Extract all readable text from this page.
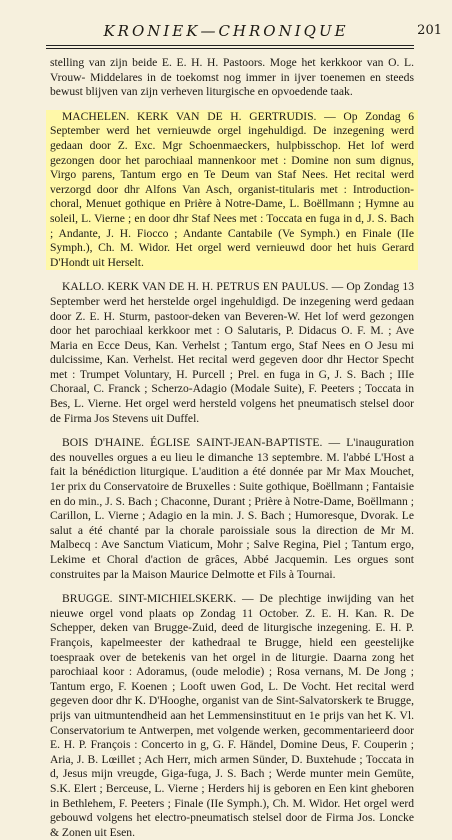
KRONIEK—CHRONIQUE	201

stelling van zijn beide E. E. H. H. Pastoors. Moge het kerkkoor van O. L. Vrouw- Middelares in de toekomst nog immer in ijver toenemen en steeds bewust blijven van zijn verheven liturgische en opvoedende taak.

MACHELEN. KERK VAN DE H. GERTRUDIS. — Op Zondag 6 September werd het vernieuwde orgel ingehuldigd. De inzegening werd gedaan door Z. Exc. Mgr Schoenmaeckers, hulpbisschop. Het lof werd gezongen door het parochiaal mannenkoor met : Domine non sum dignus, Virgo parens, Tantum ergo en Te Deum van Staf Nees. Het recital werd verzorgd door dhr Alfons Van Asch, organist-titularis met : Introduction-choral, Menuet gothique en Prière à Notre-Dame, L. Boëllmann ; Hymne au soleil, L. Vierne ; en door dhr Staf Nees met : Toccata en fuga in d, J. S. Bach ; Andante, J. H. Fiocco ; Andante Cantabile (Ve Symph.) en Finale (IIe Symph.), Ch. M. Widor. Het orgel werd vernieuwd door het huis Gerard D'Hondt uit Herselt.

KALLO. KERK VAN DE H. H. PETRUS EN PAULUS. — Op Zondag 13 September werd het herstelde orgel ingehuldigd. De inzegening werd gedaan door Z. E. H. Sturm, pastoor-deken van Beveren-W. Het lof werd gezongen door het parochiaal kerkkoor met : O Salutaris, P. Didacus O. F. M. ; Ave Maria en Ecce Deus, Kan. Verhelst ; Tantum ergo, Staf Nees en O Jesu mi dulcissime, Kan. Verhelst. Het recital werd gegeven door dhr Hector Specht met : Trumpet Voluntary, H. Purcell ; Prel. en fuga in G, J. S. Bach ; IIIe Choraal, C. Franck ; Scherzo-Adagio (Modale Suite), F. Peeters ; Toccata in Bes, L. Vierne. Het orgel werd hersteld volgens het pneumatisch stelsel door de Firma Jos Stevens uit Duffel.

BOIS D'HAINE. ÉGLISE SAINT-JEAN-BAPTISTE. — L'inauguration des nouvelles orgues a eu lieu le dimanche 13 septembre. M. l'abbé L'Host a fait la bénédiction liturgique. L'audition a été donnée par Mr Max Mouchet, 1er prix du Conservatoire de Bruxelles : Suite gothique, Boëllmann ; Fantaisie en do min., J. S. Bach ; Chaconne, Durant ; Prière à Notre-Dame, Boëllmann ; Carillon, L. Vierne ; Adagio en la min. J. S. Bach ; Humoresque, Dvorak. Le salut a été chanté par la chorale paroissiale sous la direction de Mr M. Malbecq : Ave Sanctum Viaticum, Mohr ; Salve Regina, Piel ; Tantum ergo, Lekime et Choral d'action de grâces, Abbé Jacquemin. Les orgues sont construites par la Maison Maurice Delmotte et Fils à Tournai.

BRUGGE. SINT-MICHIELSKERK. — De plechtige inwijding van het nieuwe orgel vond plaats op Zondag 11 October. Z. E. H. Kan. R. De Schepper, deken van Brugge-Zuid, deed de liturgische inzegening. E. H. P. François, kapelmeester der kathedraal te Brugge, hield een geestelijke toespraak over de betekenis van het orgel in de liturgie. Daarna zong het parochiaal koor : Adoramus, (oude melodie) ; Rosa vernans, M. De Jong ; Tantum ergo, F. Koenen ; Looft uwen God, L. De Vocht. Het recital werd gegeven door dhr K. D'Hooghe, organist van de Sint-Salvatorskerk te Brugge, prijs van uitmuntendheid aan het Lemmensinstituut en 1e prijs van het K. Vl. Conservatorium te Antwerpen, met volgende werken, gecommentarieerd door E. H. P. François : Concerto in g, G. F. Händel, Domine Deus, F. Couperin ; Aria, J. B. Lœillet ; Ach Herr, mich armen Sünder, D. Buxtehude ; Toccata in d, Jesus mijn vreugde, Giga-fuga, J. S. Bach ; Werde munter mein Gemüte, S.K. Elert ; Berceuse, L. Vierne ; Herders hij is geboren en Een kint gheboren in Bethlehem, F. Peeters ; Finale (IIe Symph.), Ch. M. Widor. Het orgel werd gebouwd volgens het electro-pneumatisch stelsel door de Firma Jos. Loncke & Zonen uit Esen.
